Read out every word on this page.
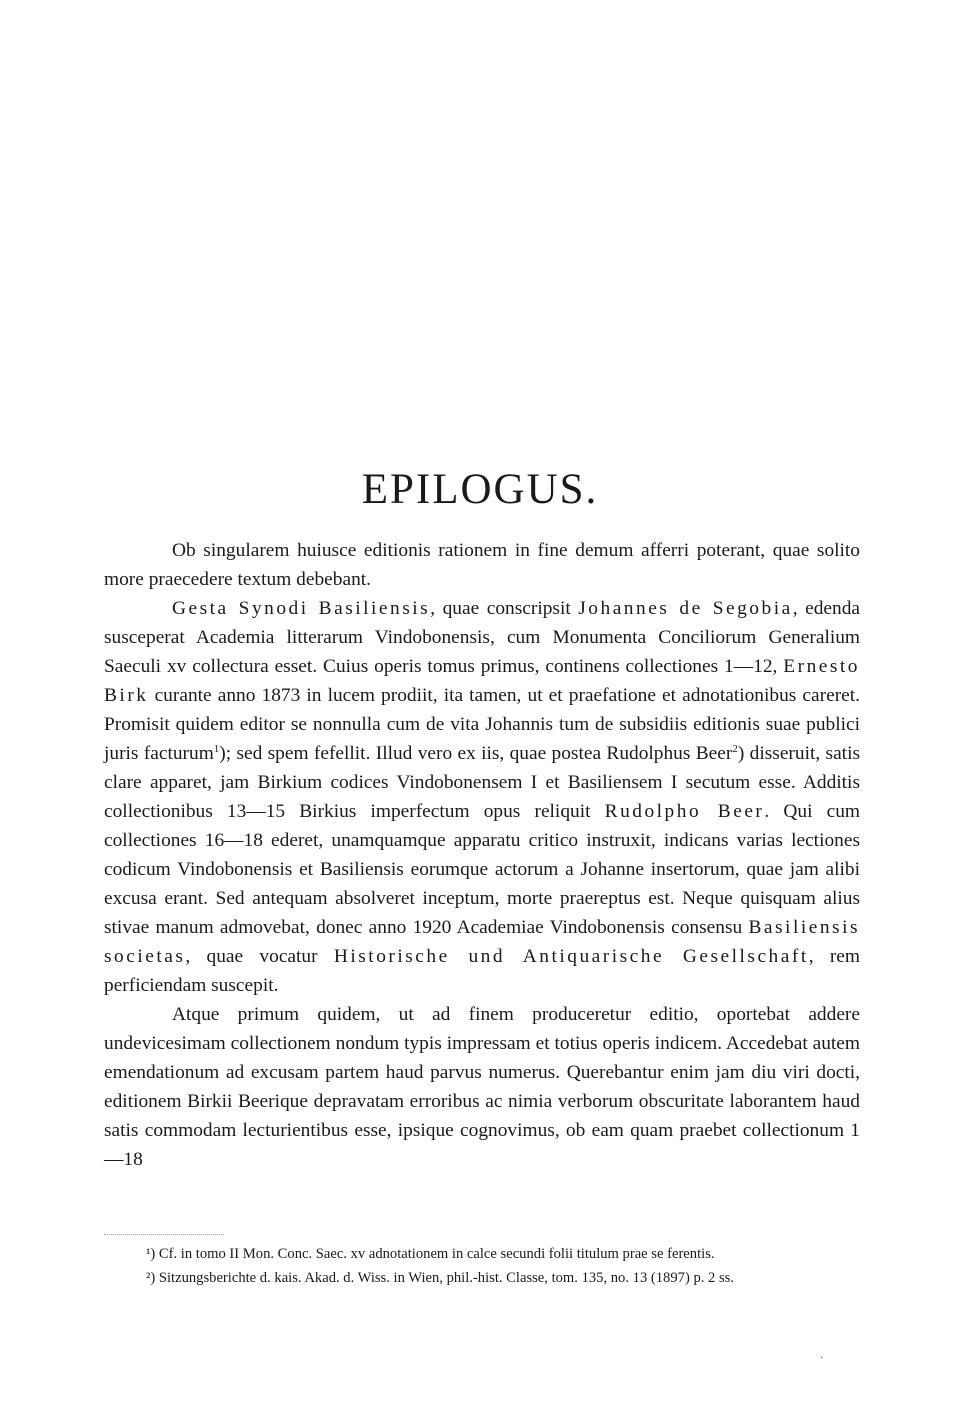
EPILOGUS.

Ob singularem huiusce editionis rationem in fine demum afferri poterant, quae solito more praecedere textum debebant.

Gesta Synodi Basiliensis, quae conscripsit Johannes de Segobia, edenda susceperat Academia litterarum Vindobonensis, cum Monumenta Conciliorum Generalium Saeculi xv collectura esset. Cuius operis tomus primus, continens collectiones 1—12, Ernesto Birk curante anno 1873 in lucem prodiit, ita tamen, ut et praefatione et adnotationibus careret. Promisit quidem editor se nonnulla cum de vita Johannis tum de subsidiis editionis suae publici juris facturum$^1$); sed spem fefellit. Illud vero ex iis, quae postea Rudolphus Beer$^2$) disseruit, satis clare apparet, jam Birkium codices Vindobonensem I et Basiliensem I secutum esse. Additis collectionibus 13—15 Birkius imperfectum opus reliquit Rudolpho Beer. Qui cum collectiones 16—18 ederet, unamquamque apparatu critico instruxit, indicans varias lectiones codicum Vindobonensis et Basiliensis eorumque actorum a Johanne insertorum, quae jam alibi excusa erant. Sed antequam absolveret inceptum, morte praereptus est. Neque quisquam alius stivae manum admovebat, donec anno 1920 Academiae Vindobonensis consensu Basiliensis societas, quae vocatur Historische und Antiquarische Gesellschaft, rem perficiendam suscepit.

Atque primum quidem, ut ad finem produceretur editio, oportebat addere undevicesimam collectionem nondum typis impressam et totius operis indicem. Accedebat autem emendationum ad excusam partem haud parvus numerus. Querebantur enim jam diu viri docti, editionem Birkii Beerique depravatam erroribus ac nimia verborum obscuritate laborantem haud satis commodam lecturientibus esse, ipsique cognovimus, ob eam quam praebet collectionum 1—18

¹) Cf. in tomo II Mon. Conc. Saec. xv adnotationem in calce secundi folii titulum prae se ferentis.

²) Sitzungsberichte d. kais. Akad. d. Wiss. in Wien, phil.-hist. Classe, tom. 135, no. 13 (1897) p. 2 ss.

·
